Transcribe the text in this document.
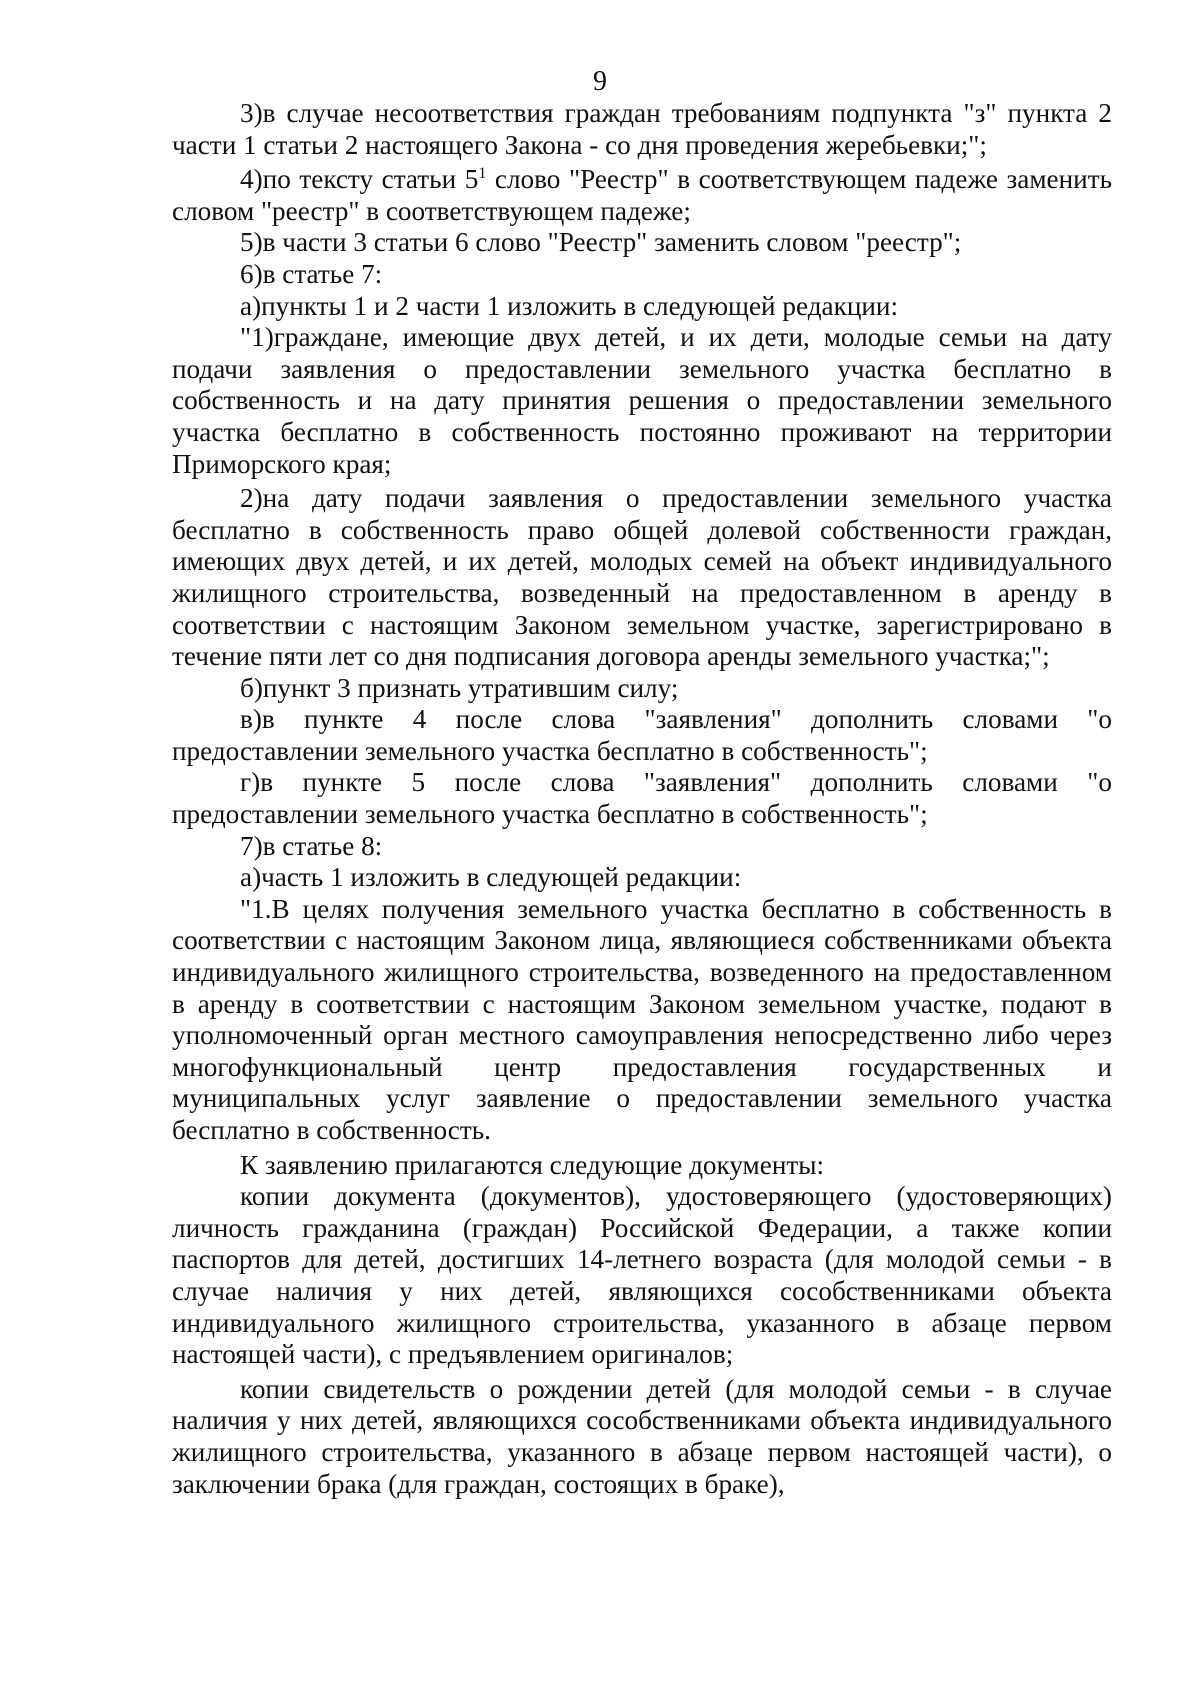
9

3)в случае несоответствия граждан требованиям подпункта "з" пункта 2 части 1 статьи 2 настоящего Закона - со дня проведения жеребьевки;";

4)по тексту статьи $5^1$ слово "Реестр" в соответствующем падеже заменить словом "реестр" в соответствующем падеже;

5)в части 3 статьи 6 слово "Реестр" заменить словом "реестр";

6)в статье 7:

а)пункты 1 и 2 части 1 изложить в следующей редакции:

"1)граждане, имеющие двух детей, и их дети, молодые семьи на дату подачи заявления о предоставлении земельного участка бесплатно в собственность и на дату принятия решения о предоставлении земельного участка бесплатно в собственность постоянно проживают на территории Приморского края;

2)на дату подачи заявления о предоставлении земельного участка бесплатно в собственность право общей долевой собственности граждан, имеющих двух детей, и их детей, молодых семей на объект индивидуального жилищного строительства, возведенный на предоставленном в аренду в соответствии с настоящим Законом земельном участке, зарегистрировано в течение пяти лет со дня подписания договора аренды земельного участка;";

б)пункт 3 признать утратившим силу;

в)в пункте 4 после слова "заявления" дополнить словами "о предоставлении земельного участка бесплатно в собственность";

г)в пункте 5 после слова "заявления" дополнить словами "о предоставлении земельного участка бесплатно в собственность";

7)в статье 8:

а)часть 1 изложить в следующей редакции:

"1.В целях получения земельного участка бесплатно в собственность в соответствии с настоящим Законом лица, являющиеся собственниками объекта индивидуального жилищного строительства, возведенного на предоставленном в аренду в соответствии с настоящим Законом земельном участке, подают в уполномоченный орган местного самоуправления непосредственно либо через многофункциональный центр предоставления государственных и муниципальных услуг заявление о предоставлении земельного участка бесплатно в собственность.

К заявлению прилагаются следующие документы:

копии документа (документов), удостоверяющего (удостоверяющих) личность гражданина (граждан) Российской Федерации, а также копии паспортов для детей, достигших 14-летнего возраста (для молодой семьи - в случае наличия у них детей, являющихся сособственниками объекта индивидуального жилищного строительства, указанного в абзаце первом настоящей части), с предъявлением оригиналов;

копии свидетельств о рождении детей (для молодой семьи - в случае наличия у них детей, являющихся сособственниками объекта индивидуального жилищного строительства, указанного в абзаце первом настоящей части), о заключении брака (для граждан, состоящих в браке),
